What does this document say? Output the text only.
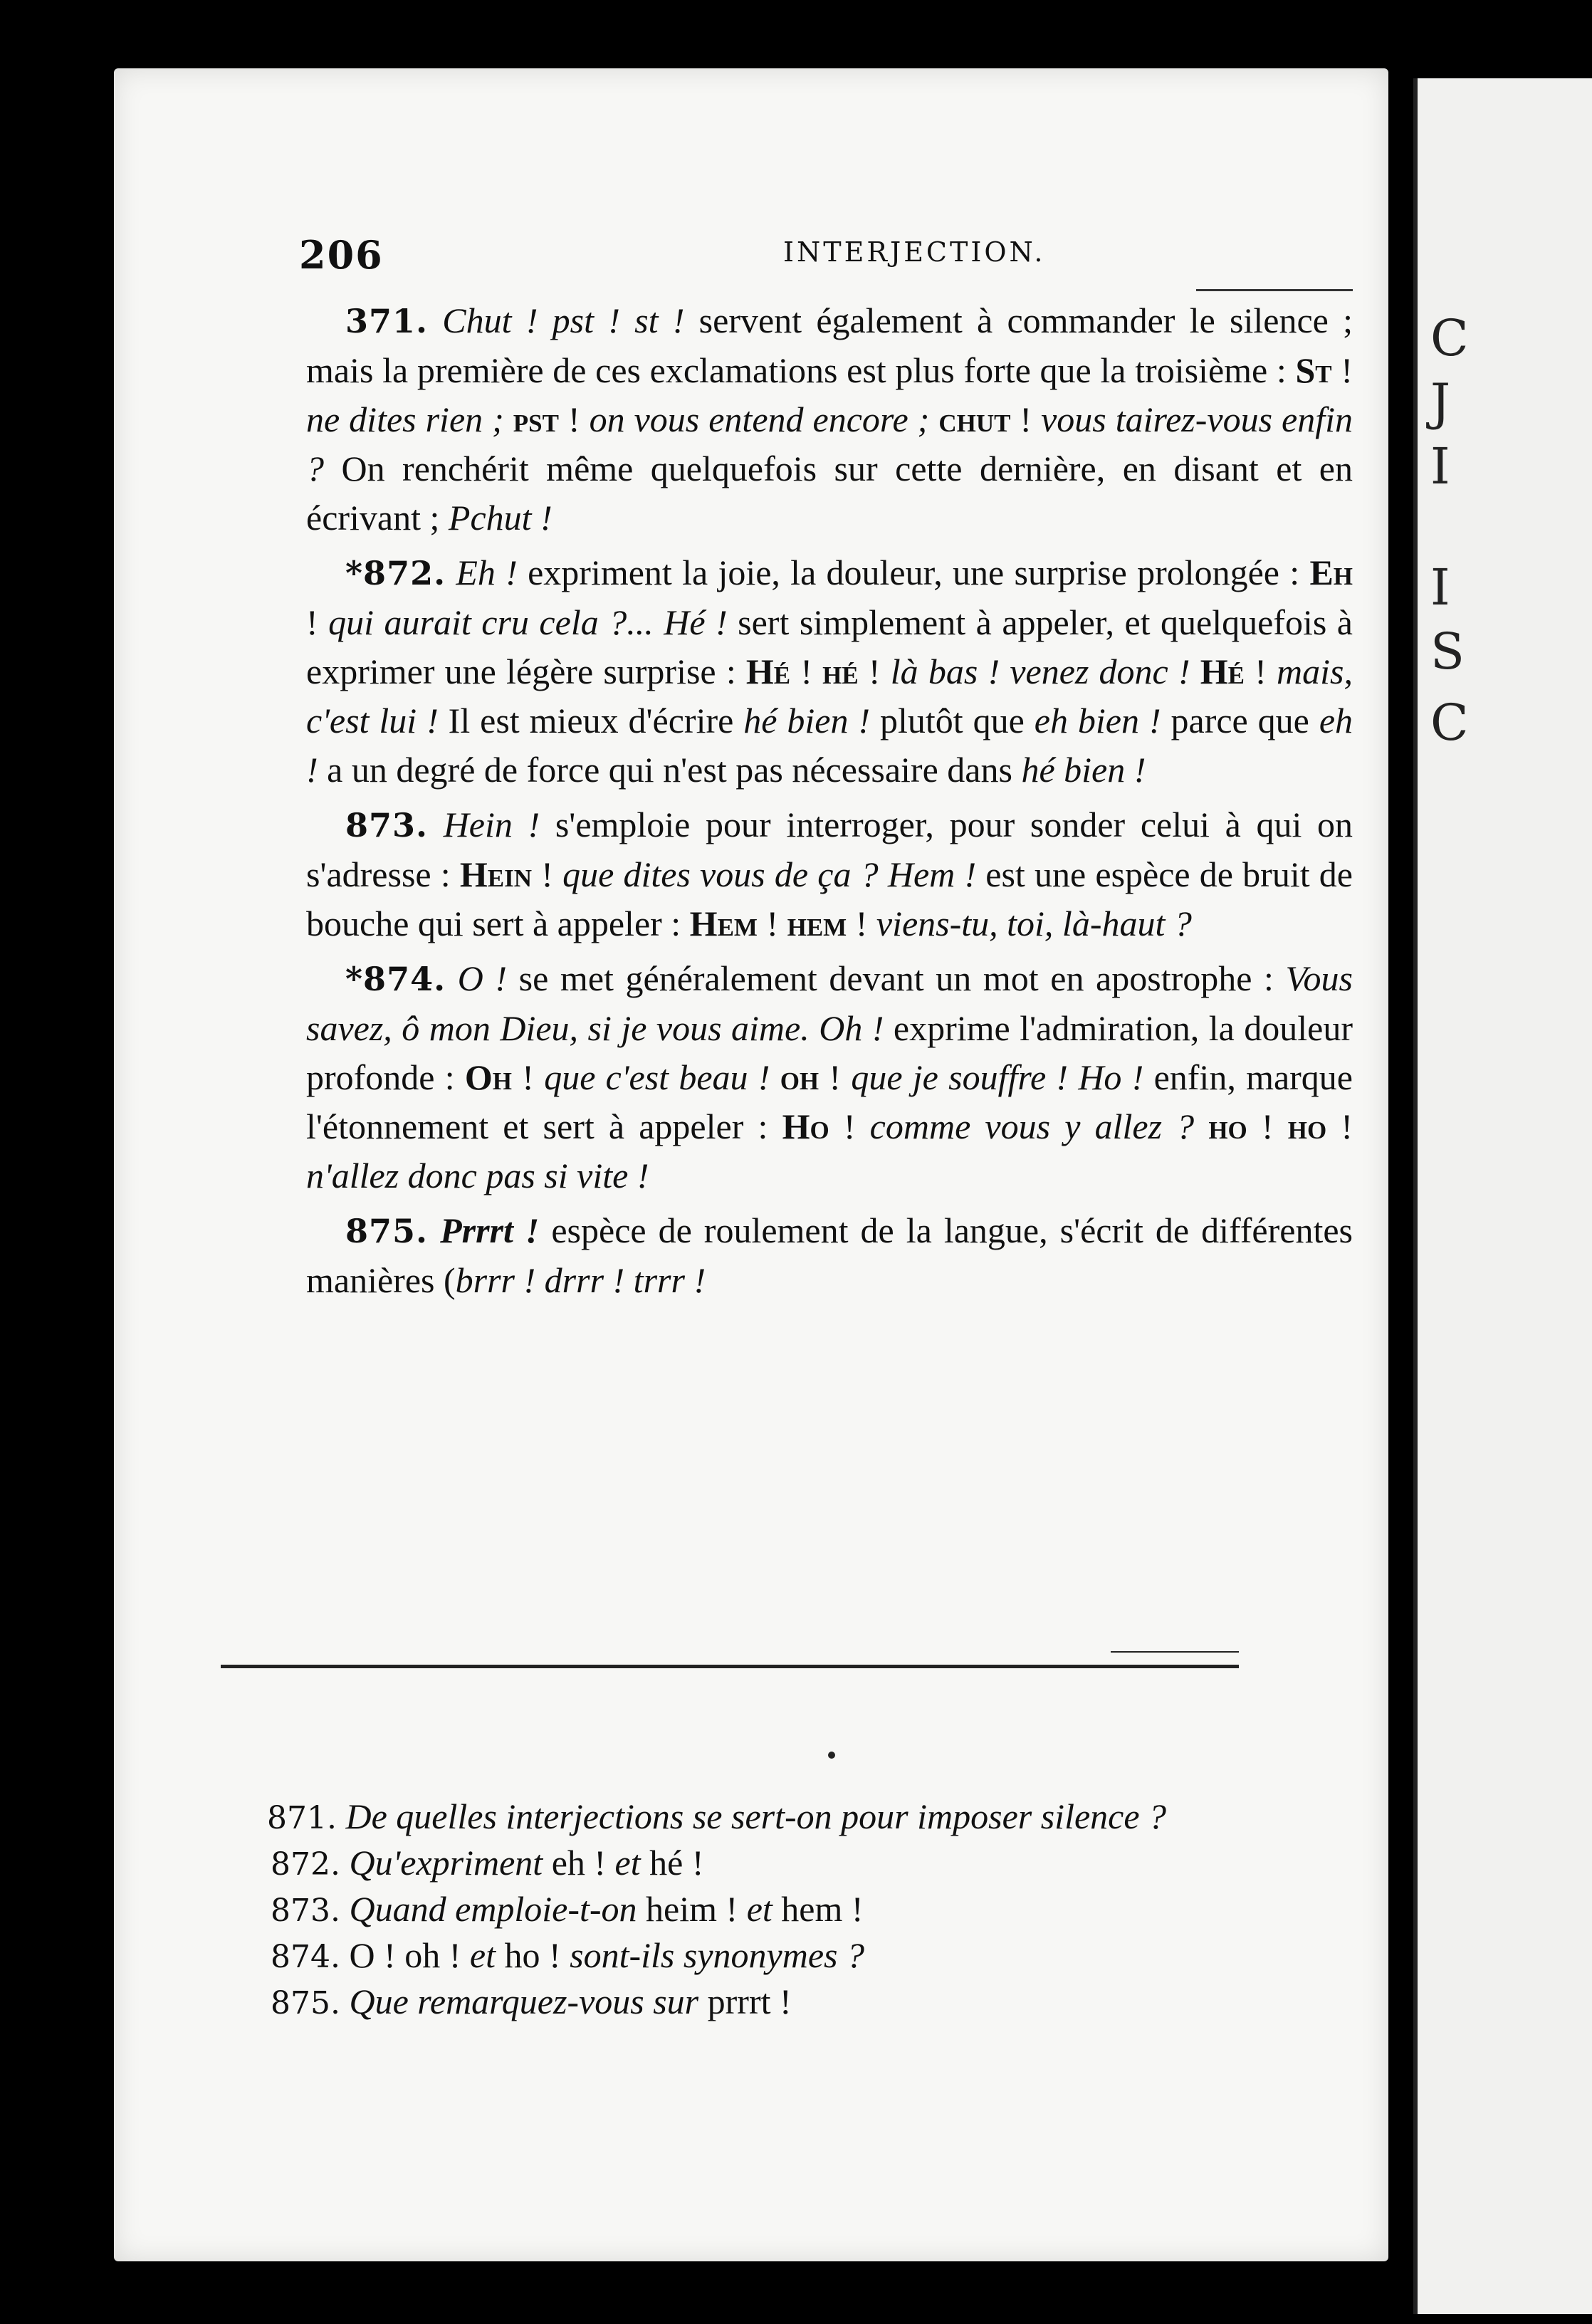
C
J
I
I
S
C
206	INTERJECTION.

371. Chut ! pst ! st ! servent également à commander le silence ; mais la première de ces exclamations est plus forte que la troisième : St ! ne dites rien ; pst ! on vous entend encore ; chut ! vous tairez-vous enfin ? On renchérit même quelquefois sur cette dernière, en disant et en écrivant ; Pchut !

*872. Eh ! expriment la joie, la douleur, une surprise prolongée : Eh ! qui aurait cru cela ?... Hé ! sert simplement à appeler, et quelquefois à exprimer une légère surprise : Hé ! hé ! là bas ! venez donc ! Hé ! mais, c'est lui ! Il est mieux d'écrire hé bien ! plutôt que eh bien ! parce que eh ! a un degré de force qui n'est pas nécessaire dans hé bien !

873. Hein ! s'emploie pour interroger, pour sonder celui à qui on s'adresse : Hein ! que dites vous de ça ? Hem ! est une espèce de bruit de bouche qui sert à appeler : Hem ! hem ! viens-tu, toi, là-haut ?

*874. O ! se met généralement devant un mot en apostrophe : Vous savez, ô mon Dieu, si je vous aime. Oh ! exprime l'admiration, la douleur profonde : Oh ! que c'est beau ! oh ! que je souffre ! Ho ! enfin, marque l'étonnement et sert à appeler : Ho ! comme vous y allez ? ho ! ho ! n'allez donc pas si vite !

875. Prrrt ! espèce de roulement de la langue, s'écrit de différentes manières (brrr ! drrr ! trrr !

871. De quelles interjections se sert-on pour imposer silence ?

872. Qu'expriment eh ! et hé !

873. Quand emploie-t-on heim ! et hem !

874. O ! oh ! et ho ! sont-ils synonymes ?

875. Que remarquez-vous sur prrrt !
